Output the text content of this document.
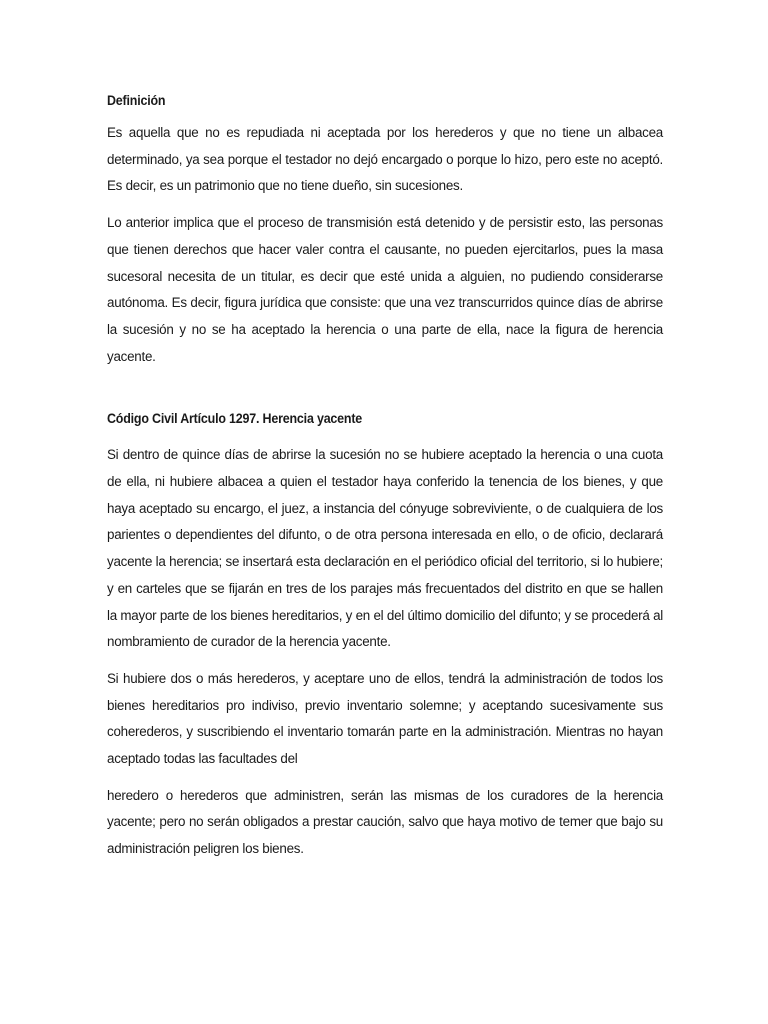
Definición

Es aquella que no es repudiada ni aceptada por los herederos y que no tiene un albacea determinado, ya sea porque el testador no dejó encargado o porque lo hizo, pero este no aceptó. Es decir, es un patrimonio que no tiene dueño, sin sucesiones.

Lo anterior implica que el proceso de transmisión está detenido y de persistir esto, las personas que tienen derechos que hacer valer contra el causante, no pueden ejercitarlos, pues la masa sucesoral necesita de un titular, es decir que esté unida a alguien, no pudiendo considerarse autónoma. Es decir, figura jurídica que consiste: que una vez transcurridos quince días de abrirse la sucesión y no se ha aceptado la herencia o una parte de ella, nace la figura de herencia yacente.

Código Civil Artículo 1297. Herencia yacente

Si dentro de quince días de abrirse la sucesión no se hubiere aceptado la herencia o una cuota de ella, ni hubiere albacea a quien el testador haya conferido la tenencia de los bienes, y que haya aceptado su encargo, el juez, a instancia del cónyuge sobreviviente, o de cualquiera de los parientes o dependientes del difunto, o de otra persona interesada en ello, o de oficio, declarará yacente la herencia; se insertará esta declaración en el periódico oficial del territorio, si lo hubiere; y en carteles que se fijarán en tres de los parajes más frecuentados del distrito en que se hallen la mayor parte de los bienes hereditarios, y en el del último domicilio del difunto; y se procederá al nombramiento de curador de la herencia yacente.

Si hubiere dos o más herederos, y aceptare uno de ellos, tendrá la administración de todos los bienes hereditarios pro indiviso, previo inventario solemne; y aceptando sucesivamente sus coherederos, y suscribiendo el inventario tomarán parte en la administración. Mientras no hayan aceptado todas las facultades del

heredero o herederos que administren, serán las mismas de los curadores de la herencia yacente; pero no serán obligados a prestar caución, salvo que haya motivo de temer que bajo su administración peligren los bienes.
